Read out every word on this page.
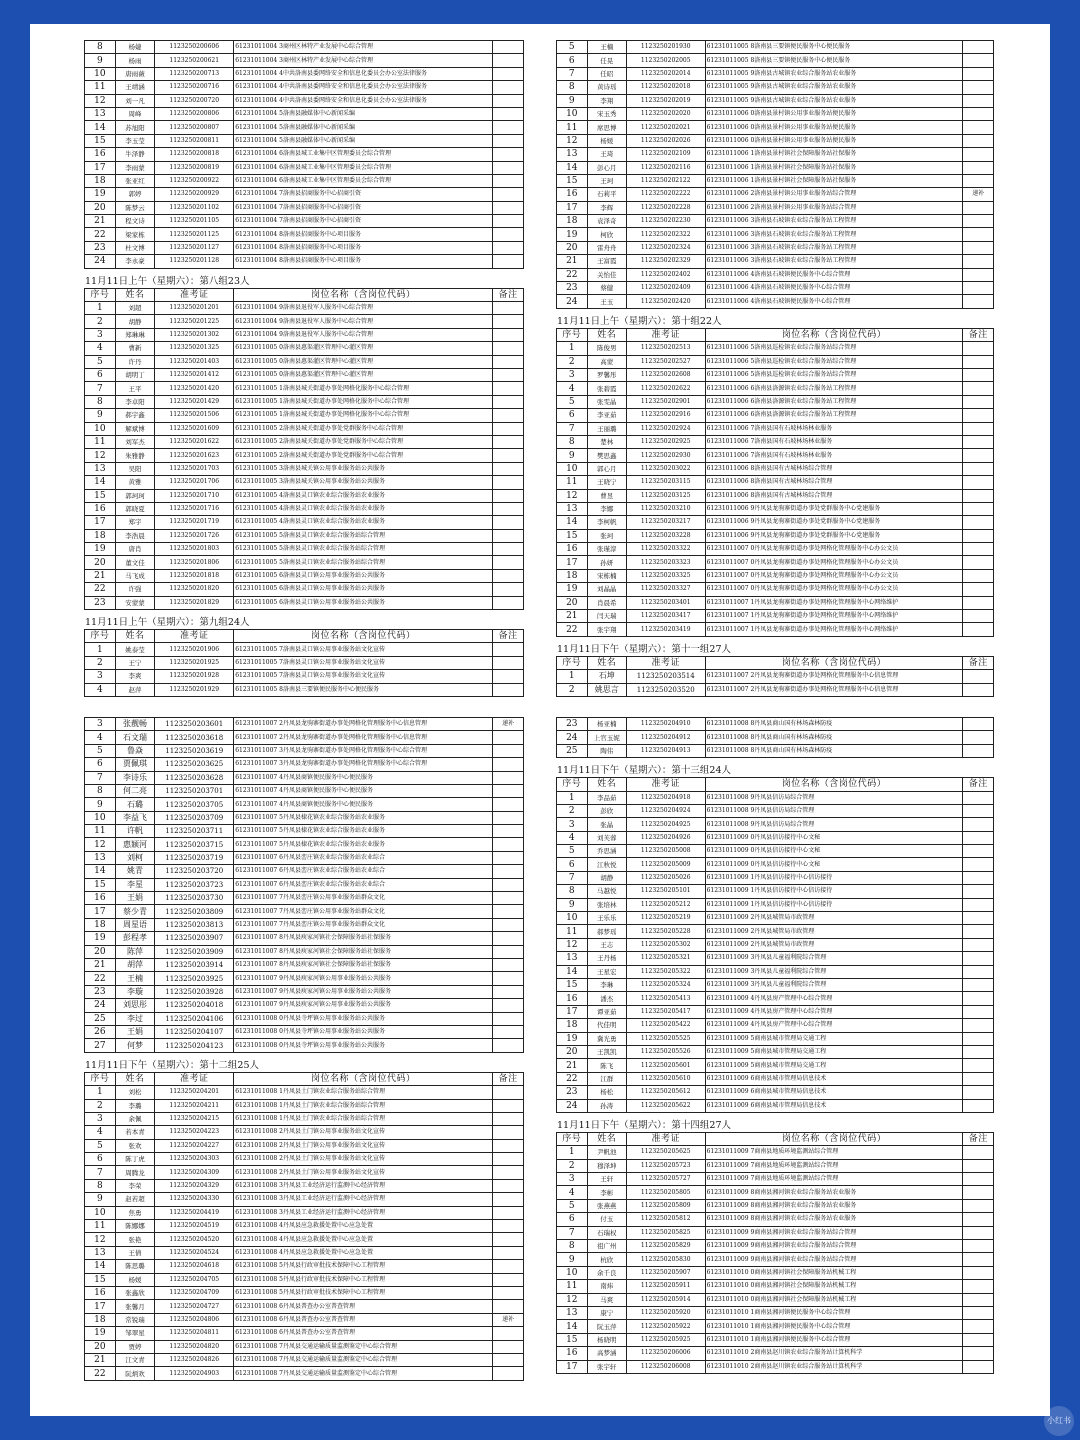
8	杨婕	1123250200606	61231011004 3商州区林特产业发展中心综合管理	
9	杨雨	1123250200621	61231011004 3商州区林特产业发展中心综合管理	
10	唐雨薇	1123250200713	61231011004 4中共洛南县委网络安全和信息化委员会办公室法律服务	
11	王靖涵	1123250200716	61231011004 4中共洛南县委网络安全和信息化委员会办公室法律服务	
12	刘一凡	1123250200720	61231011004 4中共洛南县委网络安全和信息化委员会办公室法律服务	
13	周峰	1123250200806	61231011004 5洛南县融媒体中心新闻采编	
14	苏旭阳	1123250200807	61231011004 5洛南县融媒体中心新闻采编	
15	李玉莹	1123250200811	61231011004 5洛南县融媒体中心新闻采编	
16	牛泽静	1123250200818	61231011004 6洛南县城工业集中区管理委员会综合管理	
17	李雨蒙	1123250200819	61231011004 6洛南县城工业集中区管理委员会综合管理	
18	张亚红	1123250200922	61231011004 6洛南县城工业集中区管理委员会综合管理	
19	郭婷	1123250200929	61231011004 7洛南县招商服务中心招商引资	
20	陈梦云	1123250201102	61231011004 7洛南县招商服务中心招商引资	
21	程文诗	1123250201105	61231011004 7洛南县招商服务中心招商引资	
22	梁家栋	1123250201125	61231011004 8洛南县招商服务中心项目服务	
23	杜文博	1123250201127	61231011004 8洛南县招商服务中心项目服务	
24	李永豪	1123250201128	61231011004 8洛南县招商服务中心项目服务	
11月11日上午（星期六）：第八组23人
序号	姓名	准考证	岗位名称（含岗位代码）	备注
1	刘超	1123250201201	61231011004 9洛南县退役军人服务中心综合管理	
2	胡静	1123250201225	61231011004 9洛南县退役军人服务中心综合管理	
3	郑琳琳	1123250201302	61231011004 9洛南县退役军人服务中心综合管理	
4	曹新	1123250201325	61231011005 0洛南县惠渠灌区管理中心灌区管理	
5	许丹	1123250201403	61231011005 0洛南县惠渠灌区管理中心灌区管理	
6	胡明丁	1123250201412	61231011005 0洛南县惠渠灌区管理中心灌区管理	
7	王平	1123250201420	61231011005 1洛南县城关街道办事处网格化服务中心综合管理	
8	李卓阳	1123250201429	61231011005 1洛南县城关街道办事处网格化服务中心综合管理	
9	郝宇鑫	1123250201506	61231011005 1洛南县城关街道办事处网格化服务中心综合管理	
10	解斌博	1123250201609	61231011005 2洛南县城关街道办事处党群服务中心综合管理	
11	刘军杰	1123250201622	61231011005 2洛南县城关街道办事处党群服务中心综合管理	
12	朱雅静	1123250201623	61231011005 2洛南县城关街道办事处党群服务中心综合管理	
13	吴阳	1123250201703	61231011005 3洛南县城关镇公用事业服务站公共服务	
14	黄雅	1123250201706	61231011005 3洛南县城关镇公用事业服务站公共服务	
15	郭珂珂	1123250201710	61231011005 4洛南县灵口镇农业综合服务站农业服务	
16	郭晓夏	1123250201716	61231011005 4洛南县灵口镇农业综合服务站农业服务	
17	郑宇	1123250201719	61231011005 4洛南县灵口镇农业综合服务站农业服务	
18	李浩晨	1123250201726	61231011005 5洛南县灵口镇农业综合服务站综合管理	
19	唐肖	1123250201803	61231011005 5洛南县灵口镇农业综合服务站综合管理	
20	董文佳	1123250201806	61231011005 5洛南县灵口镇农业综合服务站综合管理	
21	马飞成	1123250201818	61231011005 6洛南县灵口镇公用事业服务站公共服务	
22	许强	1123250201820	61231011005 6洛南县灵口镇公用事业服务站公共服务	
23	安蒙蒙	1123250201829	61231011005 6洛南县灵口镇公用事业服务站公共服务	
11月11日上午（星期六）：第九组24人
序号	姓名	准考证	岗位名称（含岗位代码）	备注
1	姚泰莹	1123250201906	61231011005 7洛南县灵口镇公用事业服务站文化宣传	
2	王宁	1123250201925	61231011005 7洛南县灵口镇公用事业服务站文化宣传	
3	李爽	1123250201928	61231011005 7洛南县灵口镇公用事业服务站文化宣传	
4	赵萍	1123250201929	61231011005 8洛南县三要镇便民服务中心便民服务	
3	张靓畅	1123250203601	61231011007 2丹凤县龙驹寨街道办事处网格化管理服务中心信息管理	递补
4	石文瑞	1123250203618	61231011007 2丹凤县龙驹寨街道办事处网格化管理服务中心信息管理	
5	鲁焱	1123250203619	61231011007 3丹凤县龙驹寨街道办事处网格化管理服务中心综合管理	
6	贾佩琪	1123250203625	61231011007 3丹凤县龙驹寨街道办事处网格化管理服务中心综合管理	
7	李诗乐	1123250203628	61231011007 4丹凤县商镇便民服务中心便民服务	
8	何二亮	1123250203701	61231011007 4丹凤县商镇便民服务中心便民服务	
9	石璐	1123250203705	61231011007 4丹凤县商镇便民服务中心便民服务	
10	李益飞	1123250203709	61231011007 5丹凤县棣花镇农业综合服务站农业服务	
11	许帆	1123250203711	61231011007 5丹凤县棣花镇农业综合服务站农业服务	
12	惠颖河	1123250203715	61231011007 5丹凤县棣花镇农业综合服务站农业服务	
13	刘柯	1123250203719	61231011007 6丹凤县峦庄镇农业综合服务站农业综合	
14	姚青	1123250203720	61231011007 6丹凤县峦庄镇农业综合服务站农业综合	
15	李星	1123250203723	61231011007 6丹凤县峦庄镇农业综合服务站农业综合	
16	王娟	1123250203730	61231011007 7丹凤县峦庄镇公用事业服务站群众文化	
17	蔡少青	1123250203809	61231011007 7丹凤县峦庄镇公用事业服务站群众文化	
18	周星语	1123250203813	61231011007 7丹凤县峦庄镇公用事业服务站群众文化	
19	彭程孝	1123250203907	61231011007 8丹凤县庾家河镇社会保障服务站社保服务	
20	陈萍	1123250203909	61231011007 8丹凤县庾家河镇社会保障服务站社保服务	
21	胡萍	1123250203914	61231011007 8丹凤县庾家河镇社会保障服务站社保服务	
22	王楠	1123250203925	61231011007 9丹凤县庾家河镇公用事业服务站公共服务	
23	李璇	1123250203928	61231011007 9丹凤县庾家河镇公用事业服务站公共服务	
24	刘思彤	1123250204018	61231011007 9丹凤县庾家河镇公用事业服务站公共服务	
25	李过	1123250204106	61231011008 0丹凤县寺坪镇公用事业服务站公共服务	
26	王娟	1123250204107	61231011008 0丹凤县寺坪镇公用事业服务站公共服务	
27	何梦	1123250204123	61231011008 0丹凤县寺坪镇公用事业服务站公共服务	
11月11日下午（星期六）：第十二组25人
序号	姓名	准考证	岗位名称（含岗位代码）	备注
1	刘松	1123250204201	61231011008 1丹凤县土门镇农业综合服务站综合管理	
2	李璐	1123250204211	61231011008 1丹凤县土门镇农业综合服务站综合管理	
3	余佩	1123250204215	61231011008 1丹凤县土门镇农业综合服务站综合管理	
4	若本青	1123250204223	61231011008 2丹凤县土门镇公用事业服务站文化宣传	
5	张欢	1123250204227	61231011008 2丹凤县土门镇公用事业服务站文化宣传	
6	陈丁虎	1123250204303	61231011008 2丹凤县土门镇公用事业服务站文化宣传	
7	周腾龙	1123250204309	61231011008 2丹凤县土门镇公用事业服务站文化宣传	
8	李荣	1123250204329	61231011008 3丹凤县工业经济运行监测中心经济管理	
9	赵若超	1123250204330	61231011008 3丹凤县工业经济运行监测中心经济管理	
10	焦勇	1123250204419	61231011008 3丹凤县工业经济运行监测中心经济管理	
11	陈娜娜	1123250204519	61231011008 4丹凤县应急救援处置中心应急处置	
12	张艳	1123250204520	61231011008 4丹凤县应急救援处置中心应急处置	
13	王倩	1123250204524	61231011008 4丹凤县应急救援处置中心应急处置	
14	陈思璐	1123250204618	61231011008 5丹凤县行政审批技术保障中心工程管理	
15	杨媛	1123250204705	61231011008 5丹凤县行政审批技术保障中心工程管理	
16	张鑫欣	1123250204709	61231011008 5丹凤县行政审批技术保障中心工程管理	
17	张馨月	1123250204727	61231011008 6丹凤县普查办公室普查管理	
18	常锐瑞	1123250204806	61231011008 6丹凤县普查办公室普查管理	递补
19	邹翠星	1123250204811	61231011008 6丹凤县普查办公室普查管理	
20	贾婷	1123250204820	61231011008 7丹凤县交通运输质量监测鉴定中心综合管理	
21	江文青	1123250204826	61231011008 7丹凤县交通运输质量监测鉴定中心综合管理	
22	阮炳欢	1123250204903	61231011008 7丹凤县交通运输质量监测鉴定中心综合管理	
5	王楠	1123250201930	61231011005 8洛南县三要镇便民服务中心便民服务	
6	任晃	1123250202005	61231011005 8洛南县三要镇便民服务中心便民服务	
7	任昭	1123250202014	61231011005 9洛南县古城镇农业综合服务站农业服务	
8	黄诗瑶	1123250202018	61231011005 9洛南县古城镇农业综合服务站农业服务	
9	李翔	1123250202019	61231011005 9洛南县古城镇农业综合服务站农业服务	
10	宋玉秀	1123250202020	61231011006 0洛南县景村镇公用事业服务站便民服务	
11	席思博	1123250202021	61231011006 0洛南县景村镇公用事业服务站便民服务	
12	杨媛	1123250202026	61231011006 0洛南县景村镇公用事业服务站便民服务	
13	王琦	1123250202109	61231011006 1洛南县景村镇社会保障服务站社保服务	
14	彭心月	1123250202116	61231011006 1洛南县景村镇社会保障服务站社保服务	
15	王珂	1123250202122	61231011006 1洛南县景村镇社会保障服务站社保服务	
16	石莉平	1123250202222	61231011006 2洛南县景村镇公用事业服务站综合管理	递补
17	李辉	1123250202228	61231011006 2洛南县景村镇公用事业服务站综合管理	
18	袁泽奇	1123250202230	61231011006 3洛南县石坡镇农业综合服务站工程管理	
19	柯欣	1123250202322	61231011006 3洛南县石坡镇农业综合服务站工程管理	
20	雷舟舟	1123250202324	61231011006 3洛南县石坡镇农业综合服务站工程管理	
21	王富霞	1123250202329	61231011006 3洛南县石坡镇农业综合服务站工程管理	
22	关怡佳	1123250202402	61231011006 4洛南县石坡镇便民服务中心综合管理	
23	蔡健	1123250202409	61231011006 4洛南县石坡镇便民服务中心综合管理	
24	王玉	1123250202420	61231011006 4洛南县石坡镇便民服务中心综合管理	
11月11日上午（星期六）：第十组22人
序号	姓名	准考证	岗位名称（含岗位代码）	备注
1	陈俊男	1123250202513	61231011006 5洛南县巡检镇农业综合服务站综合管理	
2	高蒙	1123250202527	61231011006 5洛南县巡检镇农业综合服务站综合管理	
3	罗馨彤	1123250202608	61231011006 5洛南县巡检镇农业综合服务站综合管理	
4	张碧霞	1123250202622	61231011006 6洛南县洛源镇农业综合服务站工程管理	
5	张雯晶	1123250202901	61231011006 6洛南县洛源镇农业综合服务站工程管理	
6	李亚茹	1123250202916	61231011006 6洛南县洛源镇农业综合服务站工程管理	
7	王丽璐	1123250202924	61231011006 7洛南县国有石坡林场林业服务	
8	楚林	1123250202925	61231011006 7洛南县国有石坡林场林业服务	
9	樊思鑫	1123250202930	61231011006 7洛南县国有石坡林场林业服务	
10	郭心月	1123250203022	61231011006 8洛南县国有古城林场综合管理	
11	王晓宁	1123250203115	61231011006 8洛南县国有古城林场综合管理	
12	曹昱	1123250203125	61231011006 8洛南县国有古城林场综合管理	
13	李娜	1123250203210	61231011006 9丹凤县龙驹寨街道办事处党群服务中心党建服务	
14	李柯帆	1123250203217	61231011006 9丹凤县龙驹寨街道办事处党群服务中心党建服务	
15	张珂	1123250203228	61231011006 9丹凤县龙驹寨街道办事处党群服务中心党建服务	
16	张瑾淳	1123250203322	61231011007 0丹凤县龙驹寨街道办事处网格化管理服务中心办公文员	
17	孙妍	1123250203323	61231011007 0丹凤县龙驹寨街道办事处网格化管理服务中心办公文员	
18	宋栋楠	1123250203325	61231011007 0丹凤县龙驹寨街道办事处网格化管理服务中心办公文员	
19	刘晶晶	1123250203327	61231011007 0丹凤县龙驹寨街道办事处网格化管理服务中心办公文员	
20	肖晨希	1123250203401	61231011007 1丹凤县龙驹寨街道办事处网格化管理服务中心网络维护	
21	闫天瑞	1123250203417	61231011007 1丹凤县龙驹寨街道办事处网格化管理服务中心网络维护	
22	张宇翔	1123250203419	61231011007 1丹凤县龙驹寨街道办事处网格化管理服务中心网络维护	
11月11日下午（星期六）：第十一组27人
序号	姓名	准考证	岗位名称（含岗位代码）	备注
1	石坤	1123250203514	61231011007 2丹凤县龙驹寨街道办事处网格化管理服务中心信息管理	
2	姚思言	1123250203520	61231011007 2丹凤县龙驹寨街道办事处网格化管理服务中心信息管理	
23	杨亚楠	1123250204910	61231011008 8丹凤县商山国有林场森林防疫	
24	上官玉妮	1123250204912	61231011008 8丹凤县商山国有林场森林防疫	
25	陶伟	1123250204913	61231011008 8丹凤县商山国有林场森林防疫	
11月11日下午（星期六）：第十三组24人
序号	姓名	准考证	岗位名称（含岗位代码）	备注
1	李品茹	1123250204918	61231011008 9丹凤县信访局综合管理	
2	彭欣	1123250204924	61231011008 9丹凤县信访局综合管理	
3	张晶	1123250204925	61231011008 9丹凤县信访局综合管理	
4	刘芙蓉	1123250204926	61231011009 0丹凤县信访接待中心文秘	
5	乔思涵	1123250205008	61231011009 0丹凤县信访接待中心文秘	
6	江秋悦	1123250205009	61231011009 0丹凤县信访接待中心文秘	
7	胡静	1123250205026	61231011009 1丹凤县信访接待中心信访接待	
8	马越悦	1123250205101	61231011009 1丹凤县信访接待中心信访接待	
9	张培林	1123250205212	61231011009 1丹凤县信访接待中心信访接待	
10	王乐乐	1123250205219	61231011009 2丹凤县城管局市政管理	
11	郝梦瑶	1123250205228	61231011009 2丹凤县城管局市政管理	
12	王志	1123250205302	61231011009 2丹凤县城管局市政管理	
13	王丹杨	1123250205321	61231011009 3丹凤县儿童福利院综合管理	
14	王星宏	1123250205322	61231011009 3丹凤县儿童福利院综合管理	
15	李琳	1123250205324	61231011009 3丹凤县儿童福利院综合管理	
16	潘杰	1123250205413	61231011009 4丹凤县房产管理中心综合管理	
17	谭亚茹	1123250205417	61231011009 4丹凤县房产管理中心综合管理	
18	代佳明	1123250205422	61231011009 4丹凤县房产管理中心综合管理	
19	冀光勇	1123250205525	61231011009 5商南县城市管理局交通工程	
20	王凯凯	1123250205526	61231011009 5商南县城市管理局交通工程	
21	陈飞	1123250205601	61231011009 5商南县城市管理局交通工程	
22	江群	1123250205610	61231011009 6商南县城市管理局信息技术	
23	杨松	1123250205612	61231011009 6商南县城市管理局信息技术	
24	孙涛	1123250205622	61231011009 6商南县城市管理局信息技术	
11月11日下午（星期六）：第十四组27人
序号	姓名	准考证	岗位名称（含岗位代码）	备注
1	尹帆池	1123250205625	61231011009 7商南县地质环境监测站综合管理	
2	穆泽坤	1123250205723	61231011009 7商南县地质环境监测站综合管理	
3	王轩	1123250205727	61231011009 7商南县地质环境监测站综合管理	
4	李彬	1123250205805	61231011009 8商南县湘河镇农业综合服务站农业服务	
5	张燕燕	1123250205809	61231011009 8商南县湘河镇农业综合服务站农业服务	
6	付玉	1123250205812	61231011009 8商南县湘河镇农业综合服务站农业服务	
7	石瑞权	1123250205825	61231011009 9商南县湘河镇农业综合服务站综合管理	
8	祖广州	1123250205829	61231011009 9商南县湘河镇农业综合服务站综合管理	
9	杭欣	1123250205830	61231011009 9商南县湘河镇农业综合服务站综合管理	
10	余千良	1123250205907	61231011010 0商南县湘河镇社会保障服务站机械工程	
11	南炜	1123250205911	61231011010 0商南县湘河镇社会保障服务站机械工程	
12	马爽	1123250205914	61231011010 0商南县湘河镇社会保障服务站机械工程	
13	康宁	1123250205920	61231011010 1商南县湘河镇便民服务中心综合管理	
14	阮玉萍	1123250205922	61231011010 1商南县湘河镇便民服务中心综合管理	
15	杨晓明	1123250205925	61231011010 1商南县湘河镇便民服务中心综合管理	
16	高梦涵	1123250206006	61231011010 2商南县赵川镇农业综合服务站计算机科学	
17	张宇轩	1123250206008	61231011010 2商南县赵川镇农业综合服务站计算机科学	
小红书
